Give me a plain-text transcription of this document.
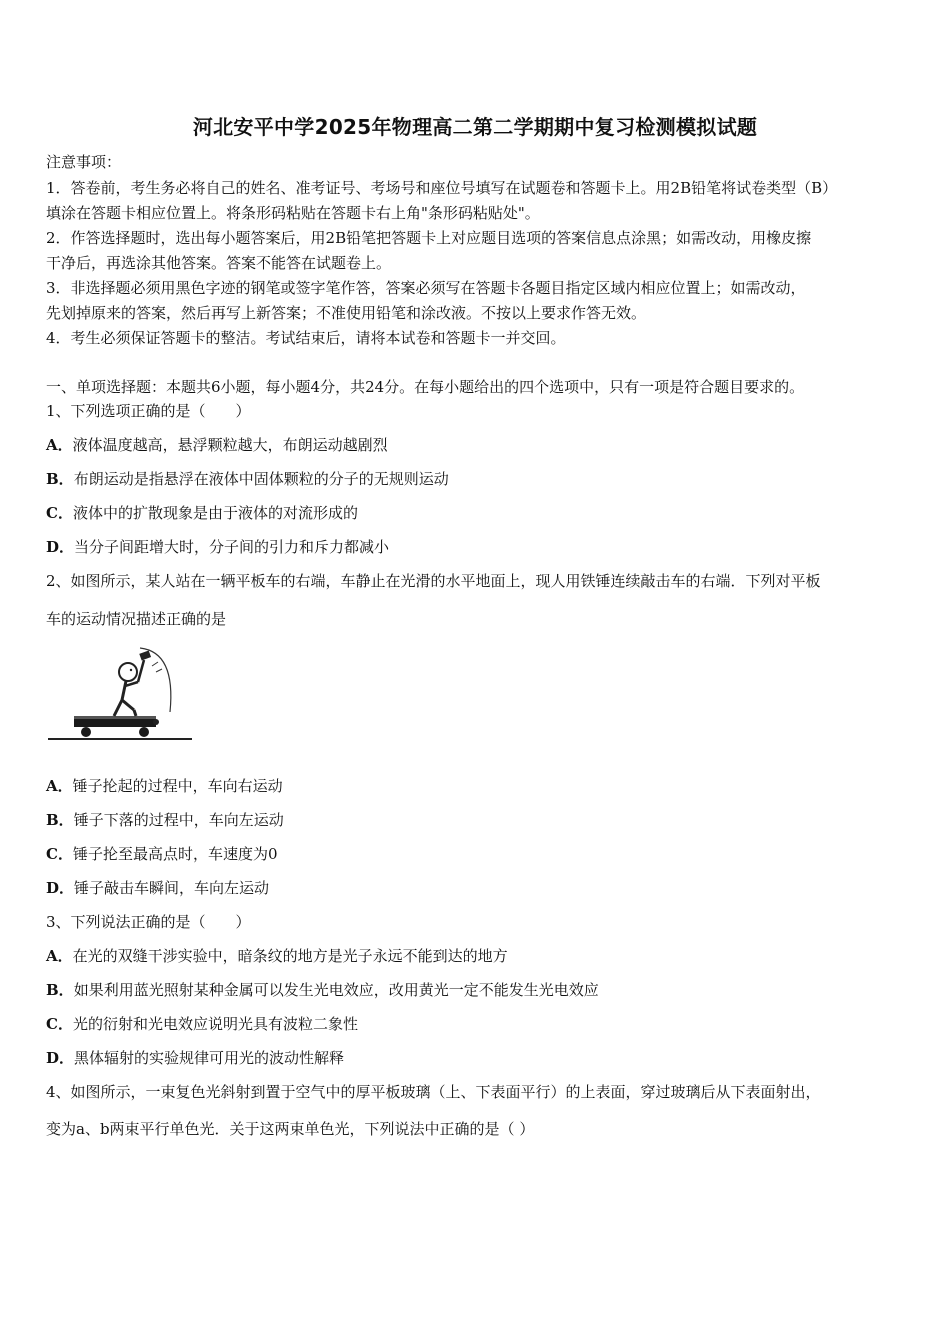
河北安平中学2025年物理高二第二学期期中复习检测模拟试题
注意事项：
1．答卷前，考生务必将自己的姓名、准考证号、考场号和座位号填写在试题卷和答题卡上。用2B铅笔将试卷类型（B）
填涂在答题卡相应位置上。将条形码粘贴在答题卡右上角"条形码粘贴处"。
2．作答选择题时，选出每小题答案后，用2B铅笔把答题卡上对应题目选项的答案信息点涂黑；如需改动，用橡皮擦
干净后，再选涂其他答案。答案不能答在试题卷上。
3．非选择题必须用黑色字迹的钢笔或签字笔作答，答案必须写在答题卡各题目指定区域内相应位置上；如需改动，
先划掉原来的答案，然后再写上新答案；不准使用铅笔和涂改液。不按以上要求作答无效。
4．考生必须保证答题卡的整洁。考试结束后，请将本试卷和答题卡一并交回。
一、单项选择题：本题共6小题，每小题4分，共24分。在每小题给出的四个选项中，只有一项是符合题目要求的。
1、下列选项正确的是（　　）
A．液体温度越高，悬浮颗粒越大，布朗运动越剧烈
B．布朗运动是指悬浮在液体中固体颗粒的分子的无规则运动
C．液体中的扩散现象是由于液体的对流形成的
D．当分子间距增大时，分子间的引力和斥力都减小
2、如图所示，某人站在一辆平板车的右端，车静止在光滑的水平地面上，现人用铁锤连续敲击车的右端．下列对平板
车的运动情况描述正确的是
A．锤子抡起的过程中，车向右运动
B．锤子下落的过程中，车向左运动
C．锤子抡至最高点时，车速度为0
D．锤子敲击车瞬间，车向左运动
3、下列说法正确的是（　　）
A．在光的双缝干涉实验中，暗条纹的地方是光子永远不能到达的地方
B．如果利用蓝光照射某种金属可以发生光电效应，改用黄光一定不能发生光电效应
C．光的衍射和光电效应说明光具有波粒二象性
D．黑体辐射的实验规律可用光的波动性解释
4、如图所示，一束复色光斜射到置于空气中的厚平板玻璃（上、下表面平行）的上表面，穿过玻璃后从下表面射出，
变为a、b两束平行单色光．关于这两束单色光，下列说法中正确的是（ ）
